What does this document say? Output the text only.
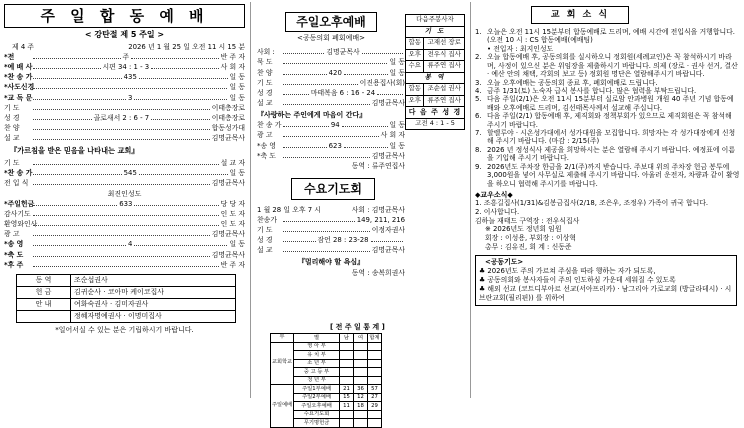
주 일 합 동 예 배
< 강탄절 제 5 주일 >
제 4 주	2026 년 1 월 25 일 오전 11 시 15 분
*전	주	반 주 자
*예 배 사	시편 34 : 1 - 3	사 회 자
*찬 송 가	435	일 동
*사도신경	일 동
*교 독 문	3	일 동
기 도	이태층장로
성 경	골로새서 2 : 6 - 7	이태층장로
찬 양	합동성가대
설 교	김명균목사
『가르침을 받은 믿음을 나타내는 교회』
기 도	설 교 자
*찬 송 가	545	일 동
전 입 식	김명균목사
최진인성도
*주일헌금	633	당 당 자
감사기도	인 도 자
환영와인사	인 도 자
광 고	김명균목사
*송 영	4	일 동
*축 도	김명균목사
*후 주	반 주 자
동 역	조순섭권사
헌 금	김귀순사 · 코아마 케이코집사
안 내	여화숙권사 · 김미자권사
	정혜자명예권사 · 이명미집사
*일어서실 수 있는 분은 기립하시기 바랍니다.
주일오후예배
<공동의회 폐회예배>
사회 :	김명균목사
묵 도	일 동
찬 양	420	일 동
기 도	이진용집사(회)
성 경	마태복음 6 : 16 - 24
설 교	김명균목사
『사랑하는 주인에게 마음이 간다』
찬 송 가	94	일 동
광 고	사 회 자
*송 영	623	일 동
*축 도	김명균목사
동역 : 류주연집사
수요기도회
1 월 28 일 오후 7 시	사회 : 김명균목사
찬송가	149, 211, 216
기 도	이정자권사
성 경	잠언 28 : 23-28
설 교	김명균목사
『멀리해야 할 욕심』
동역 : 송복희권사
다음주봉사자	
기 도	
합동	고재선 장로
오후	전우식 집사
수요	류주연 집사
봉 역	
합동	조순섭 권사
오후	류주연 집사
다 음 주 성 경	
고전 4 : 1 - 5	
[ 전 주 일 통 계 ]
부	별	남	여	합계
교회학교	영 아 부			
	유 치 부			
	소 년 부			
	중 고 등 부			
	청 년 부			
주일예배	주일1부예배	21	36	57
	주일2부예배	15	12	27
	주일오후예배	11	18	29
	수요기도회			
	무기명헌금			
교 회 소 식
1. 오늘은 오전 11시 15분부터 합동예배로 드리며, 예배 시간에 전입식을 거행합니다.(오전 10 시 : CS 합동예배(예배팀)
• 전입자 : 최지인성도
2. 오늘 합동예배 후, 공동의회를 실시하오니 정회원(세례교인)은 꼭 참석하시기 바라며, 사정이 있으신 분은 위임장을 제출하시기 바랍니다. 의제 (장로 · 권사 선거, 결산 · 예산 안의 채택, 각회의 보고 등) 정회원 명단은 열람해주시기 바랍니다.
3. 오늘 오후예배는 공동의회 종료 후, 폐회예배로 드립니다.
4. 금주 1/31(토) 노숙자 급식 봉사를 합니다. 많은 협력을 부탁드립니다.
5. 다음 주일(2/1)은 오전 11시 15분부터 실로암 안과병원 개원 40 주년 기념 합동예배와 오후예배로 드리며, 김선태목사께서 설교해 주십니다.
6. 다음 주일(2/1) 합동예배 후, 제직회와 정책부회가 있으므로 제직회원은 꼭 참석해 주시기 바랍니다.
7. 할렐루야 · 시온성가대에서 성가대원을 모집합니다. 희망자는 각 성가대장에게 신청해 주시기 바랍니다. (마감 : 2/15(주)
8. 2026 년 정성식사 제공을 희망하시는 분은 열람해 주시기 바랍니다. 예정표에 이름을 기입해 주시기 바랍니다.
9. 2026년도 주차장 한금을 2/1(주)까지 받습니다. 주보대 위의 주차장 헌금 봉투에 3,000원을 넣어 사무실로 제출해 주시기 바랍니다. 아울러 운전자, 차량과 같이 활영을 하오니 협력해 주시기를 바랍니다.
◆교우소식◆
1. 조흥길집사(1/31)&김봉금집사(2/18, 조은우, 조정우) 가족이 귀국 합니다.
2. 이사합니다.
김하늘 재태드 구역장 : 전우식집사
※ 2026년도 정년회 임원
회장 : 이성용, 부회장 : 이상혁
총무 : 김유진, 회 계 : 신동준
<공동기도>
♣ 2026년도 주의 가르쳐 주심을 따라 행하는 자가 되도록,
♣ 공동의회와 봉사자들이 주의 인도하심 가운데 세워질 수 있도록
♣ 해외 선교 (코트디부아르 선교(서아프리카) · 남그리아 가로교회 (방글라데시) · 시브란교회(필리핀)) 를 위하여
